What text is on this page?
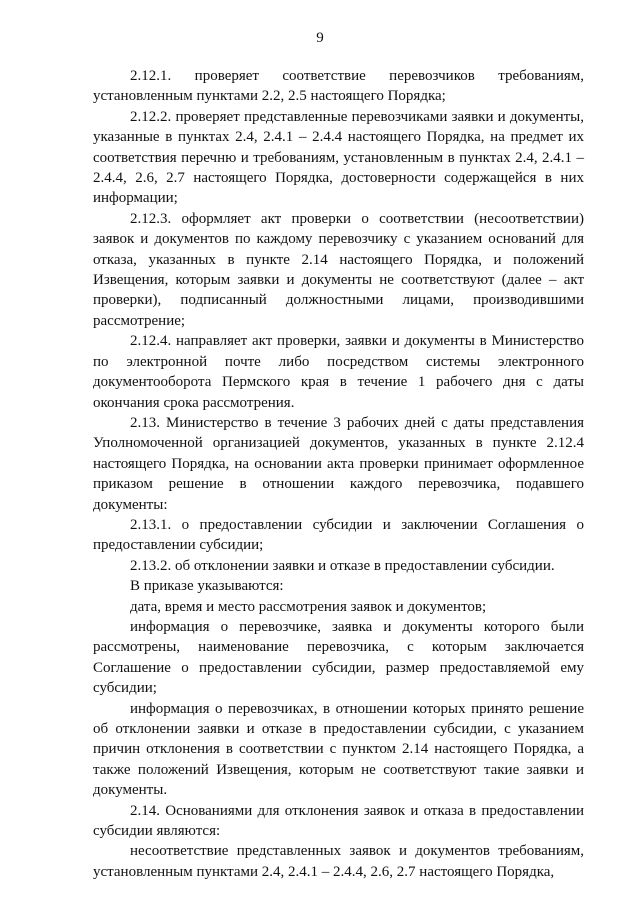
9

2.12.1. проверяет соответствие перевозчиков требованиям, установленным пунктами 2.2, 2.5 настоящего Порядка;

2.12.2. проверяет представленные перевозчиками заявки и документы, указанные в пунктах 2.4, 2.4.1 – 2.4.4 настоящего Порядка, на предмет их соответствия перечню и требованиям, установленным в пунктах 2.4, 2.4.1 – 2.4.4, 2.6, 2.7 настоящего Порядка, достоверности содержащейся в них информации;

2.12.3. оформляет акт проверки о соответствии (несоответствии) заявок и документов по каждому перевозчику с указанием оснований для отказа, указанных в пункте 2.14 настоящего Порядка, и положений Извещения, которым заявки и документы не соответствуют (далее – акт проверки), подписанный должностными лицами, производившими рассмотрение;

2.12.4. направляет акт проверки, заявки и документы в Министерство по электронной почте либо посредством системы электронного документооборота Пермского края в течение 1 рабочего дня с даты окончания срока рассмотрения.

2.13. Министерство в течение 3 рабочих дней с даты представления Уполномоченной организацией документов, указанных в пункте 2.12.4 настоящего Порядка, на основании акта проверки принимает оформленное приказом решение в отношении каждого перевозчика, подавшего документы:

2.13.1. о предоставлении субсидии и заключении Соглашения о предоставлении субсидии;

2.13.2. об отклонении заявки и отказе в предоставлении субсидии.

В приказе указываются:

дата, время и место рассмотрения заявок и документов;

информация о перевозчике, заявка и документы которого были рассмотрены, наименование перевозчика, с которым заключается Соглашение о предоставлении субсидии, размер предоставляемой ему субсидии;

информация о перевозчиках, в отношении которых принято решение об отклонении заявки и отказе в предоставлении субсидии, с указанием причин отклонения в соответствии с пунктом 2.14 настоящего Порядка, а также положений Извещения, которым не соответствуют такие заявки и документы.

2.14. Основаниями для отклонения заявок и отказа в предоставлении субсидии являются:

несоответствие представленных заявок и документов требованиям, установленным пунктами 2.4, 2.4.1 – 2.4.4, 2.6, 2.7 настоящего Порядка,
